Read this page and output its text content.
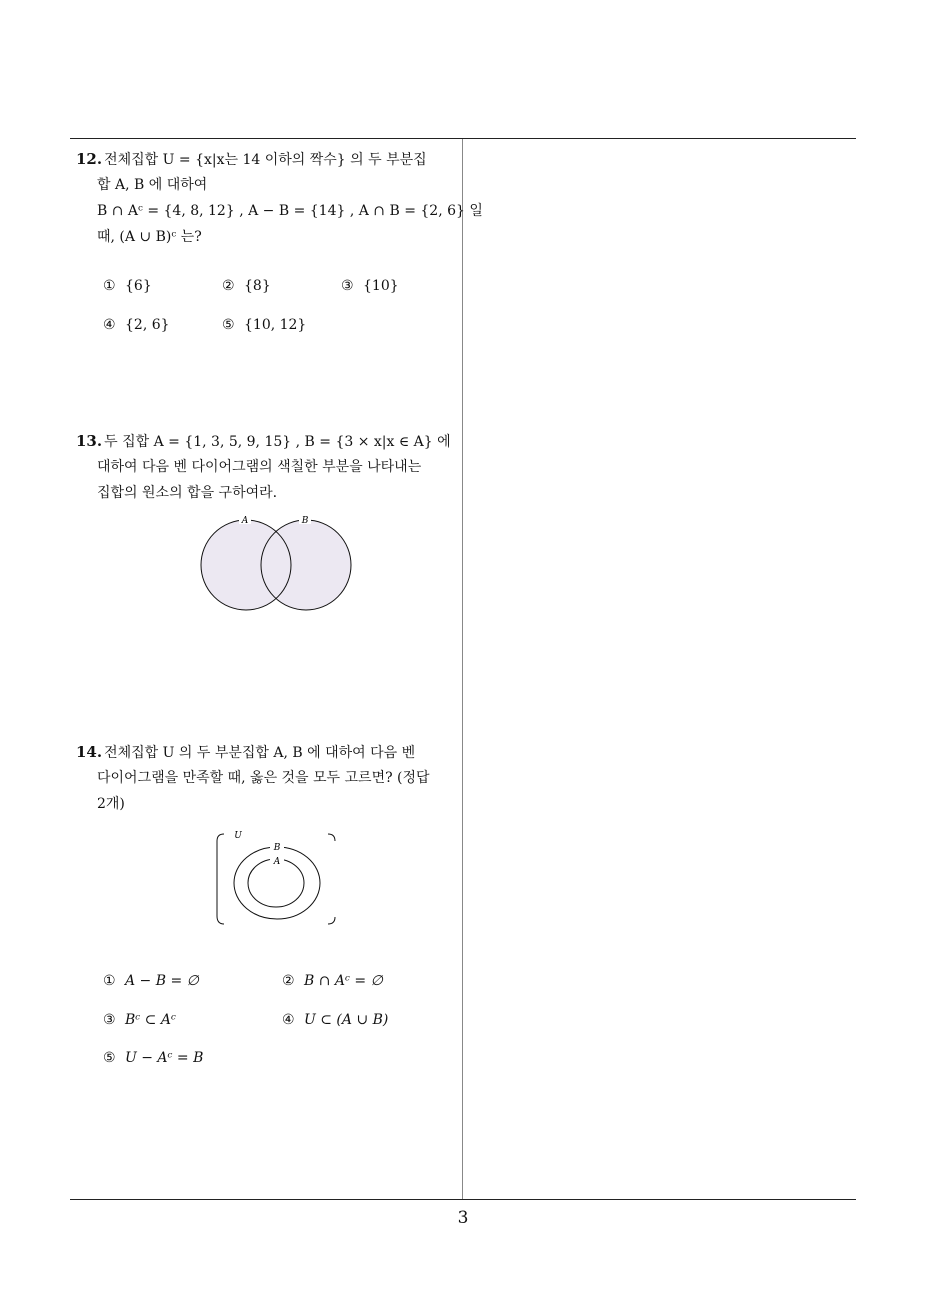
12. 전체집합 U = {x|x는 14 이하의 짝수} 의 두 부분집
합 A, B 에 대하여
B ∩ Aᶜ = {4, 8, 12} , A − B = {14} , A ∩ B = {2, 6} 일
때, (A ∪ B)ᶜ 는?
① {6}	② {8}	③ {10}
④ {2, 6}	⑤ {10, 12}
13. 두 집합 A = {1, 3, 5, 9, 15} , B = {3 × x|x ∈ A} 에
대하여 다음 벤 다이어그램의 색칠한 부분을 나타내는
집합의 원소의 합을 구하여라.
A	B
14. 전체집합 U 의 두 부분집합 A, B 에 대하여 다음 벤
다이어그램을 만족할 때, 옳은 것을 모두 고르면? (정답
2개)
U
B
A
① A − B = ∅	② B ∩ Aᶜ = ∅
③ Bᶜ ⊂ Aᶜ	④ U ⊂ (A ∪ B)
⑤ U − Aᶜ = B
3
